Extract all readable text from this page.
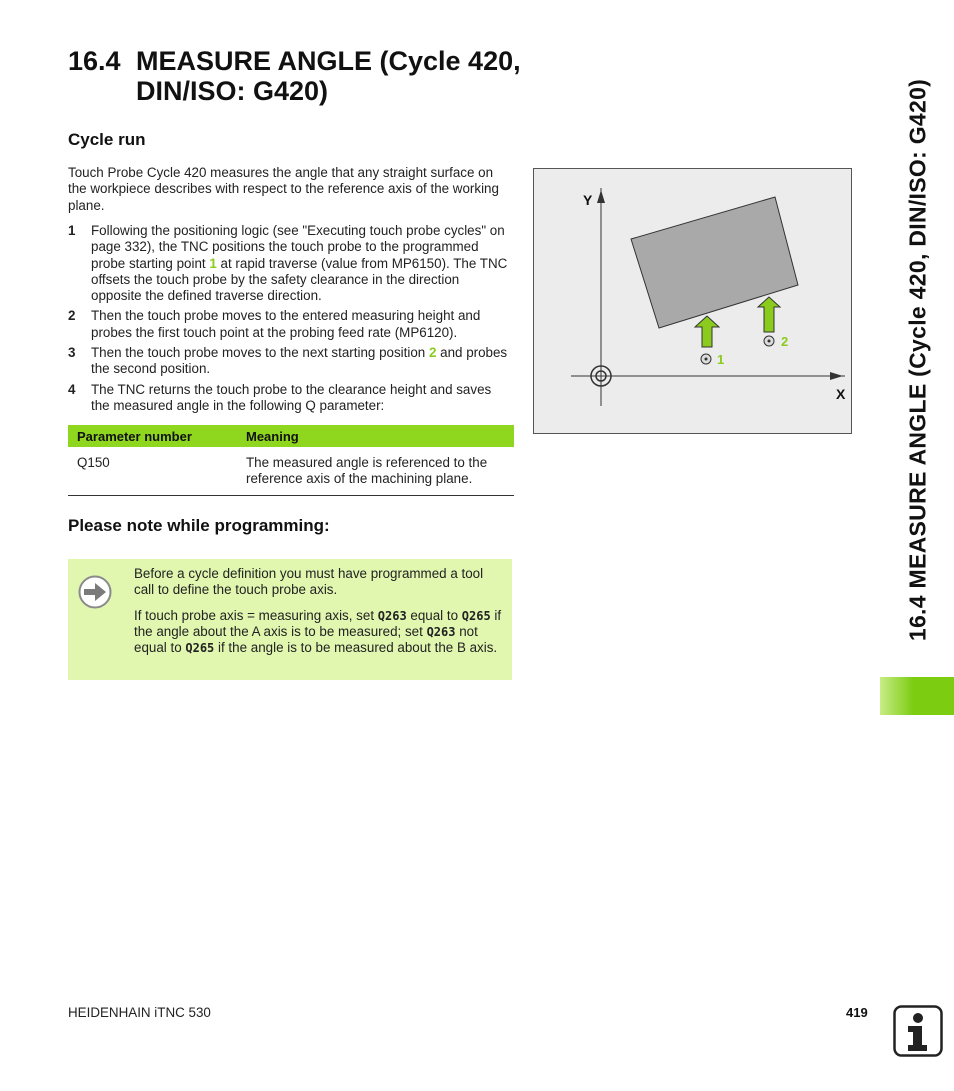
16.4 MEASURE ANGLE (Cycle 420, DIN/ISO: G420)
Cycle run
Touch Probe Cycle 420 measures the angle that any straight surface on the workpiece describes with respect to the reference axis of the working plane.
1 Following the positioning logic (see "Executing touch probe cycles" on page 332), the TNC positions the touch probe to the programmed probe starting point 1 at rapid traverse (value from MP6150). The TNC offsets the touch probe by the safety clearance in the direction opposite the defined traverse direction.
2 Then the touch probe moves to the entered measuring height and probes the first touch point at the probing feed rate (MP6120).
3 Then the touch probe moves to the next starting position 2 and probes the second position.
4 The TNC returns the touch probe to the clearance height and saves the measured angle in the following Q parameter:
Parameter number	Meaning
Q150	The measured angle is referenced to the reference axis of the machining plane.
Please note while programming:

Before a cycle definition you must have programmed a tool call to define the touch probe axis.

If touch probe axis = measuring axis, set Q263 equal to Q265 if the angle about the A axis is to be measured; set Q263 not equal to Q265 if the angle is to be measured about the B axis.

Y
X
1
2	16.4 MEASURE ANGLE (Cycle 420, DIN/ISO: G420)
HEIDENHAIN iTNC 530	419
